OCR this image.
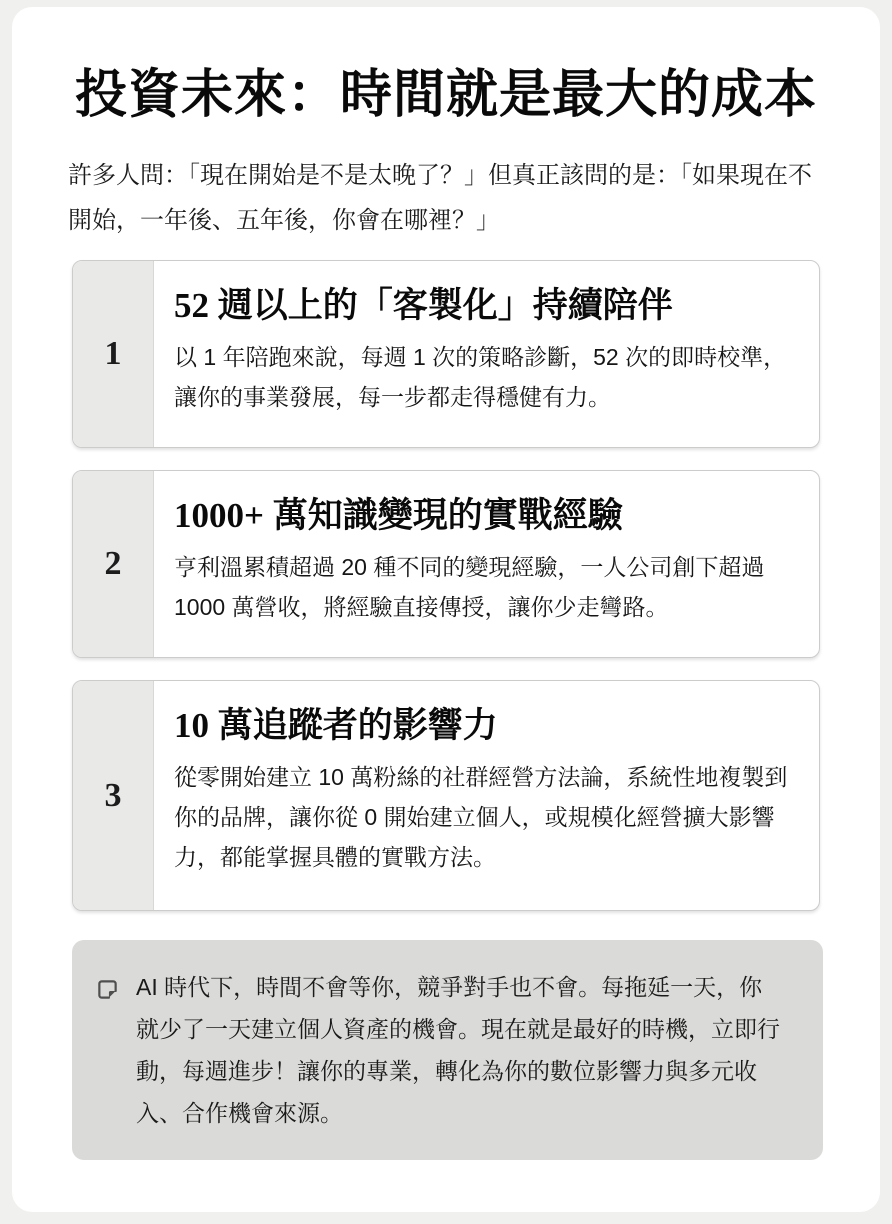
投資未來：時間就是最大的成本

許多人問：「現在開始是不是太晚了？」但真正該問的是：「如果現在不開始，一年後、五年後，你會在哪裡？」

1
52 週以上的「客製化」持續陪伴
以 1 年陪跑來說，每週 1 次的策略診斷，52 次的即時校準，讓你的事業發展，每一步都走得穩健有力。
2
1000+ 萬知識變現的實戰經驗
亨利溫累積超過 20 種不同的變現經驗，一人公司創下超過 1000 萬營收，將經驗直接傳授，讓你少走彎路。
3
10 萬追蹤者的影響力
從零開始建立 10 萬粉絲的社群經營方法論，系統性地複製到你的品牌，讓你從 0 開始建立個人，或規模化經營擴大影響力，都能掌握具體的實戰方法。

AI 時代下，時間不會等你，競爭對手也不會。每拖延一天，你就少了一天建立個人資產的機會。現在就是最好的時機，立即行動，每週進步！讓你的專業，轉化為你的數位影響力與多元收入、合作機會來源。
